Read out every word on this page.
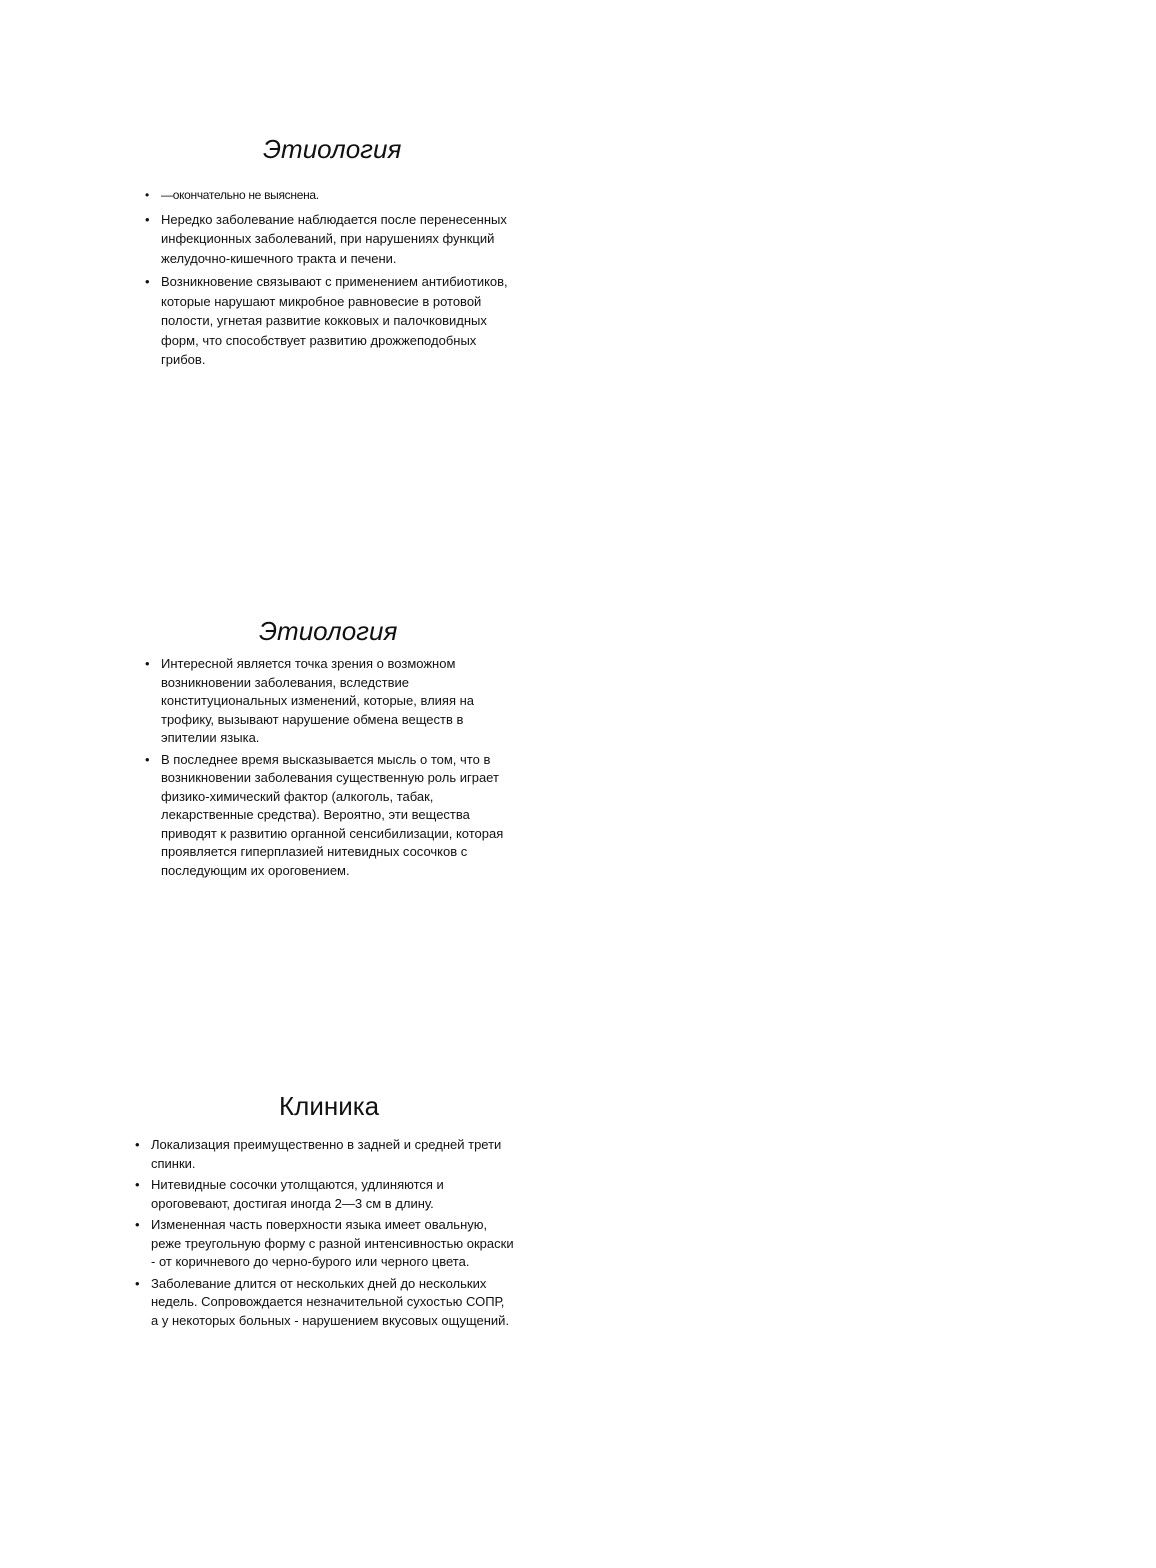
Этиология
• —окончательно не выяснена.
• Нередко заболевание наблюдается после перенесенных инфекционных заболеваний, при нарушениях функций желудочно-кишечного тракта и печени.
• Возникновение связывают с применением антибиотиков, которые нарушают микробное равновесие в ротовой полости, угнетая развитие кокковых и палочковидных форм, что способствует развитию дрожжеподобных грибов.
Этиология
• Интересной является точка зрения о возможном возникновении заболевания, вследствие конституциональных изменений, которые, влияя на трофику, вызывают нарушение обмена веществ в эпителии языка.
• В последнее время высказывается мысль о том, что в возникновении заболевания существенную роль играет физико-химический фактор (алкоголь, табак, лекарственные средства). Вероятно, эти вещества приводят к развитию органной сенсибилизации, которая проявляется гиперплазией нитевидных сосочков с последующим их ороговением.
Клиника
• Локализация преимущественно в задней и средней трети спинки.
• Нитевидные сосочки утолщаются, удлиняются и ороговевают, достигая иногда 2—3 см в длину.
• Измененная часть поверхности языка имеет овальную, реже треугольную форму с разной интенсивностью окраски - от коричневого до черно-бурого или черного цвета.
• Заболевание длится от нескольких дней до нескольких недель. Сопровождается незначительной сухостью СОПР, а у некоторых больных - нарушением вкусовых ощущений.
